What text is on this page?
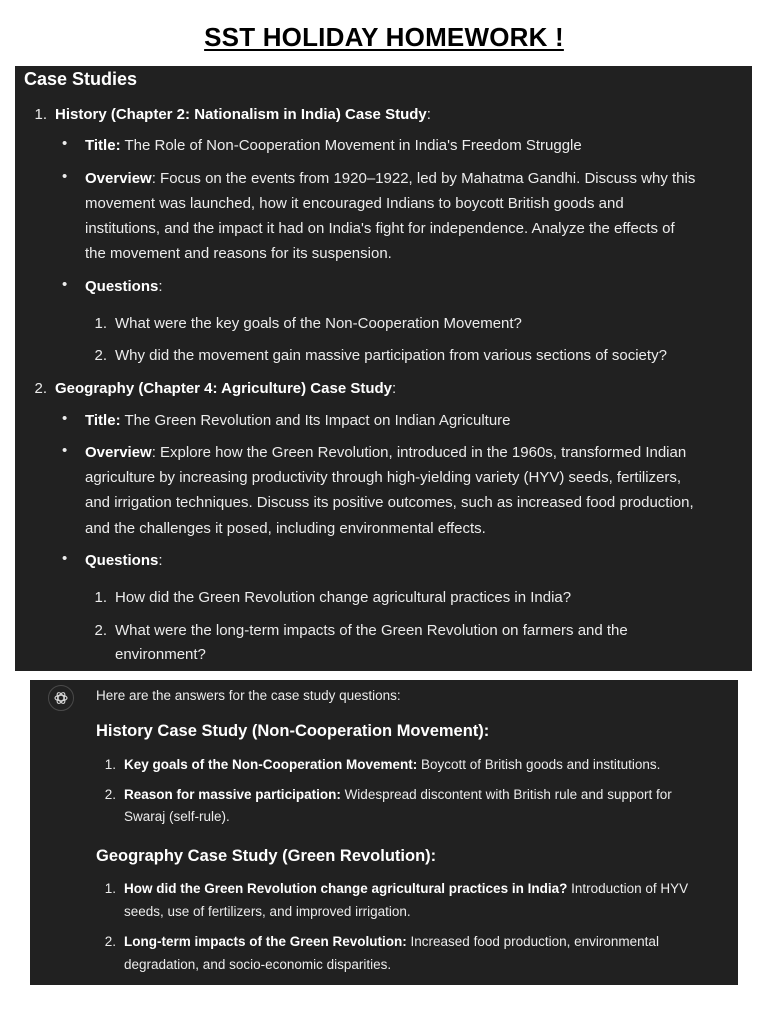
SST HOLIDAY HOMEWORK !
Case Studies
1. History (Chapter 2: Nationalism in India) Case Study:
• Title: The Role of Non-Cooperation Movement in India's Freedom Struggle
• Overview: Focus on the events from 1920–1922, led by Mahatma Gandhi. Discuss why this
movement was launched, how it encouraged Indians to boycott British goods and
institutions, and the impact it had on India's fight for independence. Analyze the effects of
the movement and reasons for its suspension.
• Questions:
1. What were the key goals of the Non-Cooperation Movement?
2. Why did the movement gain massive participation from various sections of society?
2. Geography (Chapter 4: Agriculture) Case Study:
• Title: The Green Revolution and Its Impact on Indian Agriculture
• Overview: Explore how the Green Revolution, introduced in the 1960s, transformed Indian
agriculture by increasing productivity through high-yielding variety (HYV) seeds, fertilizers,
and irrigation techniques. Discuss its positive outcomes, such as increased food production,
and the challenges it posed, including environmental effects.
• Questions:
1. How did the Green Revolution change agricultural practices in India?
2. What were the long-term impacts of the Green Revolution on farmers and the
environment?
Here are the answers for the case study questions:
History Case Study (Non-Cooperation Movement):
1. Key goals of the Non-Cooperation Movement: Boycott of British goods and institutions.
2. Reason for massive participation: Widespread discontent with British rule and support for
Swaraj (self-rule).
Geography Case Study (Green Revolution):
1. How did the Green Revolution change agricultural practices in India? Introduction of HYV
seeds, use of fertilizers, and improved irrigation.
2. Long-term impacts of the Green Revolution: Increased food production, environmental
degradation, and socio-economic disparities.
